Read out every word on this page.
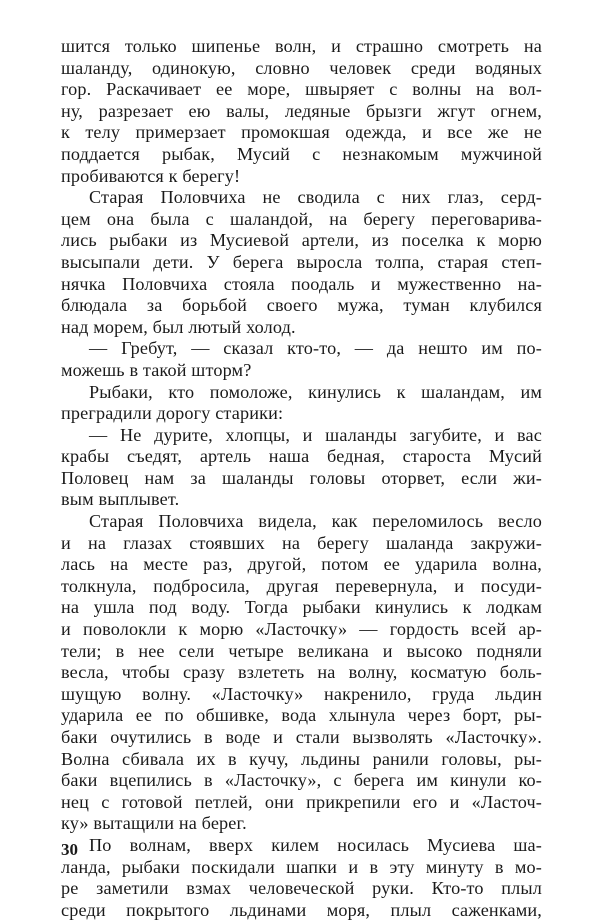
шится только шипенье волн, и страшно смотреть на
шаланду, одинокую, словно человек среди водяных
гор. Раскачивает ее море, швыряет с волны на вол-
ну, разрезает ею валы, ледяные брызги жгут огнем,
к телу примерзает промокшая одежда, и все же не
поддается рыбак, Мусий с незнакомым мужчиной
пробиваются к берегу!
Старая Половчиха не сводила с них глаз, серд-
цем она была с шаландой, на берегу переговарива-
лись рыбаки из Мусиевой артели, из поселка к морю
высыпали дети. У берега выросла толпа, старая степ-
нячка Половчиха стояла поодаль и мужественно на-
блюдала за борьбой своего мужа, туман клубился
над морем, был лютый холод.
— Гребут, — сказал кто-то, — да нешто им по-
можешь в такой шторм?
Рыбаки, кто помоложе, кинулись к шаландам, им
преградили дорогу старики:
— Не дурите, хлопцы, и шаланды загубите, и вас
крабы съедят, артель наша бедная, староста Мусий
Половец нам за шаланды головы оторвет, если жи-
вым выплывет.
Старая Половчиха видела, как переломилось весло
и на глазах стоявших на берегу шаланда закружи-
лась на месте раз, другой, потом ее ударила волна,
толкнула, подбросила, другая перевернула, и посуди-
на ушла под воду. Тогда рыбаки кинулись к лодкам
и поволокли к морю «Ласточку» — гордость всей ар-
тели; в нее сели четыре великана и высоко подняли
весла, чтобы сразу взлететь на волну, косматую боль-
шущую волну. «Ласточку» накренило, груда льдин
ударила ее по обшивке, вода хлынула через борт, ры-
баки очутились в воде и стали вызволять «Ласточку».
Волна сбивала их в кучу, льдины ранили головы, ры-
баки вцепились в «Ласточку», с берега им кинули ко-
нец с готовой петлей, они прикрепили его и «Ласточ-
ку» вытащили на берег.
По волнам, вверх килем носилась Мусиева ша-
ланда, рыбаки поскидали шапки и в эту минуту в мо-
ре заметили взмах человеческой руки. Кто-то плыл
среди покрытого льдинами моря, плыл саженками,
30
